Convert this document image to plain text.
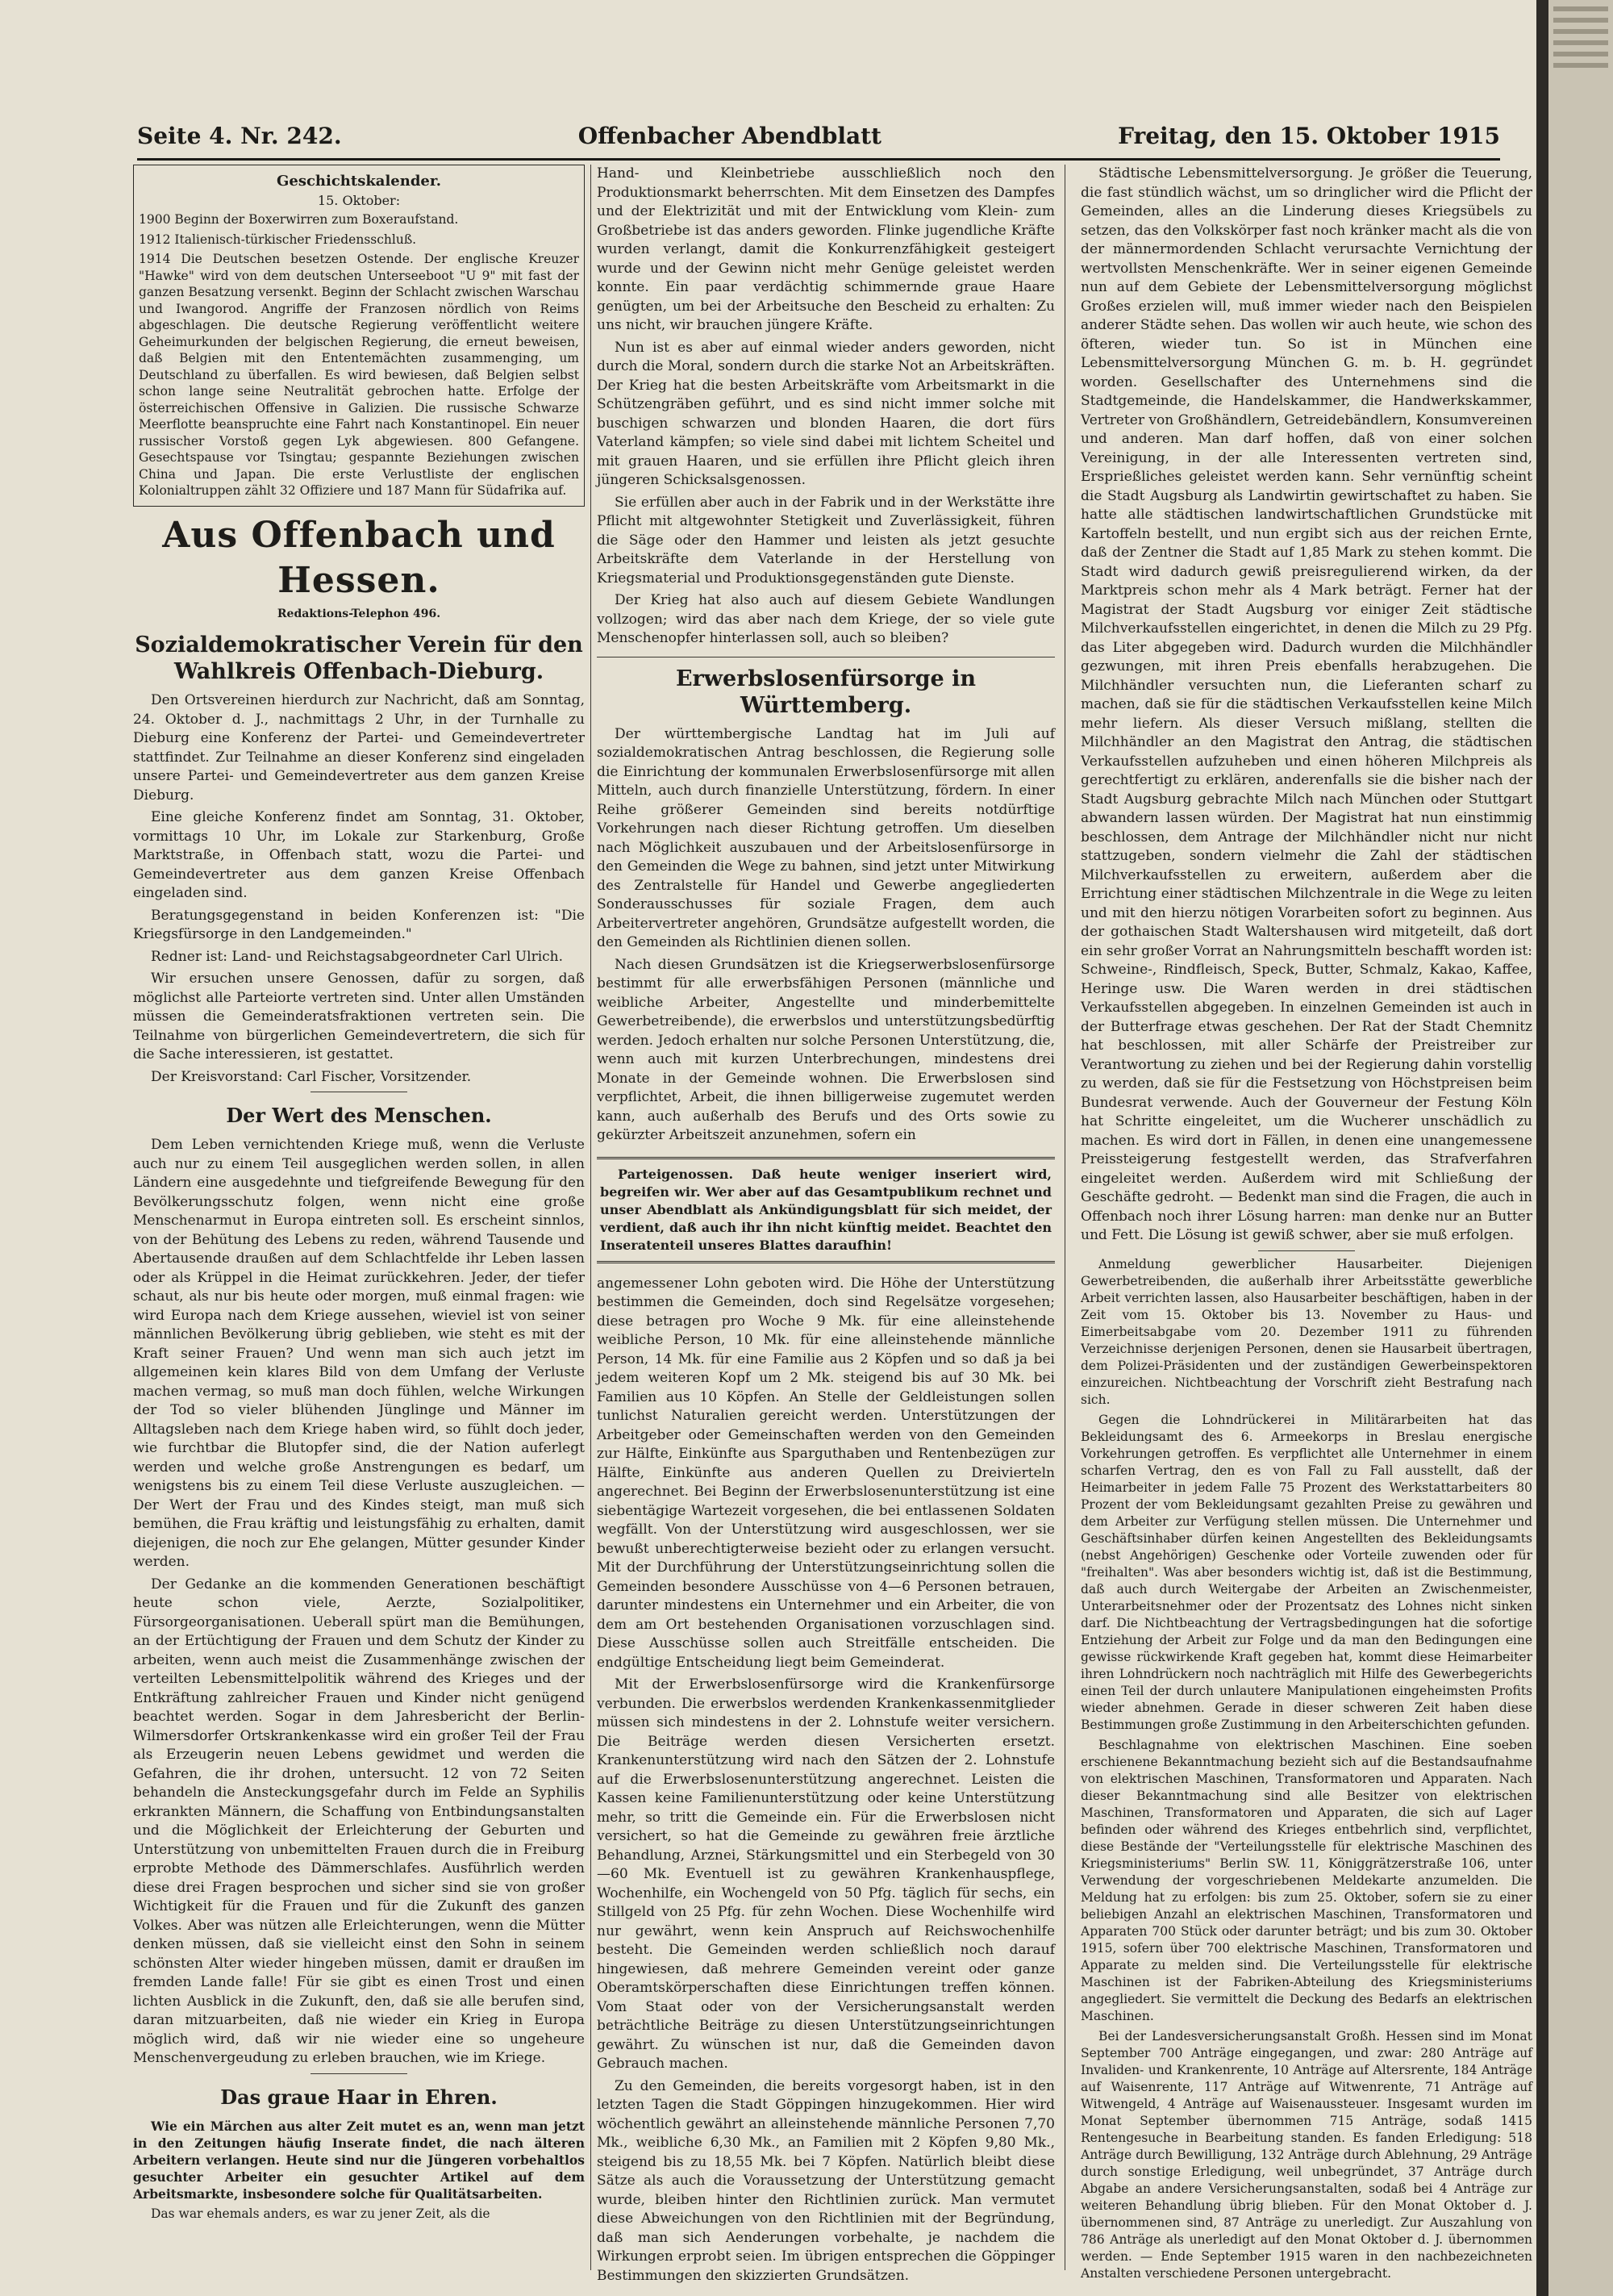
Seite 4. Nr. 242.	Offenbacher Abendblatt	Freitag, den 15. Oktober 1915
Geschichtskalender.
15. Oktober:

1900 Beginn der Boxerwirren zum Boxeraufstand.

1912 Italienisch-türkischer Friedensschluß.

1914 Die Deutschen besetzen Ostende. Der englische Kreuzer "Hawke" wird von dem deutschen Unterseeboot "U 9" mit fast der ganzen Besatzung versenkt. Beginn der Schlacht zwischen Warschau und Iwangorod. Angriffe der Franzosen nördlich von Reims abgeschlagen. Die deutsche Regierung veröffentlicht weitere Geheimurkunden der belgischen Regierung, die erneut beweisen, daß Belgien mit den Ententemächten zusammenging, um Deutschland zu überfallen. Es wird bewiesen, daß Belgien selbst schon lange seine Neutralität gebrochen hatte. Erfolge der österreichischen Offensive in Galizien. Die russische Schwarze Meerflotte beanspruchte eine Fahrt nach Konstantinopel. Ein neuer russischer Vorstoß gegen Lyk abgewiesen. 800 Gefangene. Gesechtspause vor Tsingtau; gespannte Beziehungen zwischen China und Japan. Die erste Verlustliste der englischen Kolonialtruppen zählt 32 Offiziere und 187 Mann für Südafrika auf.

Aus Offenbach und Hessen.
Redaktions-Telephon 496.
Sozialdemokratischer Verein für den Wahlkreis Offenbach-Dieburg.

Den Ortsvereinen hierdurch zur Nachricht, daß am Sonntag, 24. Oktober d. J., nachmittags 2 Uhr, in der Turnhalle zu Dieburg eine Konferenz der Partei- und Gemeindevertreter stattfindet. Zur Teilnahme an dieser Konferenz sind eingeladen unsere Partei- und Gemeindevertreter aus dem ganzen Kreise Dieburg.

Eine gleiche Konferenz findet am Sonntag, 31. Oktober, vormittags 10 Uhr, im Lokale zur Starkenburg, Große Marktstraße, in Offenbach statt, wozu die Partei- und Gemeindevertreter aus dem ganzen Kreise Offenbach eingeladen sind.

Beratungsgegenstand in beiden Konferenzen ist: "Die Kriegsfürsorge in den Landgemeinden."

Redner ist: Land- und Reichstagsabgeordneter Carl Ulrich.

Wir ersuchen unsere Genossen, dafür zu sorgen, daß möglichst alle Parteiorte vertreten sind. Unter allen Umständen müssen die Gemeinderatsfraktionen vertreten sein. Die Teilnahme von bürgerlichen Gemeindevertretern, die sich für die Sache interessieren, ist gestattet.

Der Kreisvorstand: Carl Fischer, Vorsitzender.

Der Wert des Menschen.

Dem Leben vernichtenden Kriege muß, wenn die Verluste auch nur zu einem Teil ausgeglichen werden sollen, in allen Ländern eine ausgedehnte und tiefgreifende Bewegung für den Bevölkerungsschutz folgen, wenn nicht eine große Menschenarmut in Europa eintreten soll. Es erscheint sinnlos, von der Behütung des Lebens zu reden, während Tausende und Abertausende draußen auf dem Schlachtfelde ihr Leben lassen oder als Krüppel in die Heimat zurückkehren. Jeder, der tiefer schaut, als nur bis heute oder morgen, muß einmal fragen: wie wird Europa nach dem Kriege aussehen, wieviel ist von seiner männlichen Bevölkerung übrig geblieben, wie steht es mit der Kraft seiner Frauen? Und wenn man sich auch jetzt im allgemeinen kein klares Bild von dem Umfang der Verluste machen vermag, so muß man doch fühlen, welche Wirkungen der Tod so vieler blühenden Jünglinge und Männer im Alltagsleben nach dem Kriege haben wird, so fühlt doch jeder, wie furchtbar die Blutopfer sind, die der Nation auferlegt werden und welche große Anstrengungen es bedarf, um wenigstens bis zu einem Teil diese Verluste auszugleichen. — Der Wert der Frau und des Kindes steigt, man muß sich bemühen, die Frau kräftig und leistungsfähig zu erhalten, damit diejenigen, die noch zur Ehe gelangen, Mütter gesunder Kinder werden.

Der Gedanke an die kommenden Generationen beschäftigt heute schon viele, Aerzte, Sozialpolitiker, Fürsorgeorganisationen. Ueberall spürt man die Bemühungen, an der Ertüchtigung der Frauen und dem Schutz der Kinder zu arbeiten, wenn auch meist die Zusammenhänge zwischen der verteilten Lebensmittelpolitik während des Krieges und der Entkräftung zahlreicher Frauen und Kinder nicht genügend beachtet werden. Sogar in dem Jahresbericht der Berlin-Wilmersdorfer Ortskrankenkasse wird ein großer Teil der Frau als Erzeugerin neuen Lebens gewidmet und werden die Gefahren, die ihr drohen, untersucht. 12 von 72 Seiten behandeln die Ansteckungsgefahr durch im Felde an Syphilis erkrankten Männern, die Schaffung von Entbindungsanstalten und die Möglichkeit der Erleichterung der Geburten und Unterstützung von unbemittelten Frauen durch die in Freiburg erprobte Methode des Dämmerschlafes. Ausführlich werden diese drei Fragen besprochen und sicher sind sie von großer Wichtigkeit für die Frauen und für die Zukunft des ganzen Volkes. Aber was nützen alle Erleichterungen, wenn die Mütter denken müssen, daß sie vielleicht einst den Sohn in seinem schönsten Alter wieder hingeben müssen, damit er draußen im fremden Lande falle! Für sie gibt es einen Trost und einen lichten Ausblick in die Zukunft, den, daß sie alle berufen sind, daran mitzuarbeiten, daß nie wieder ein Krieg in Europa möglich wird, daß wir nie wieder eine so ungeheure Menschenvergeudung zu erleben brauchen, wie im Kriege.

Das graue Haar in Ehren.

Wie ein Märchen aus alter Zeit mutet es an, wenn man jetzt in den Zeitungen häufig Inserate findet, die nach älteren Arbeitern verlangen. Heute sind nur die Jüngeren vorbehaltlos gesuchter Arbeiter ein gesuchter Artikel auf dem Arbeitsmarkte, insbesondere solche für Qualitätsarbeiten.

Das war ehemals anders, es war zu jener Zeit, als die

Hand- und Kleinbetriebe ausschließlich noch den Produktionsmarkt beherrschten. Mit dem Einsetzen des Dampfes und der Elektrizität und mit der Entwicklung vom Klein- zum Großbetriebe ist das anders geworden. Flinke jugendliche Kräfte wurden verlangt, damit die Konkurrenzfähigkeit gesteigert wurde und der Gewinn nicht mehr Genüge geleistet werden konnte. Ein paar verdächtig schimmernde graue Haare genügten, um bei der Arbeitsuche den Bescheid zu erhalten: Zu uns nicht, wir brauchen jüngere Kräfte.

Nun ist es aber auf einmal wieder anders geworden, nicht durch die Moral, sondern durch die starke Not an Arbeitskräften. Der Krieg hat die besten Arbeitskräfte vom Arbeitsmarkt in die Schützengräben geführt, und es sind nicht immer solche mit buschigen schwarzen und blonden Haaren, die dort fürs Vaterland kämpfen; so viele sind dabei mit lichtem Scheitel und mit grauen Haaren, und sie erfüllen ihre Pflicht gleich ihren jüngeren Schicksalsgenossen.

Sie erfüllen aber auch in der Fabrik und in der Werkstätte ihre Pflicht mit altgewohnter Stetigkeit und Zuverlässigkeit, führen die Säge oder den Hammer und leisten als jetzt gesuchte Arbeitskräfte dem Vaterlande in der Herstellung von Kriegsmaterial und Produktionsgegenständen gute Dienste.

Der Krieg hat also auch auf diesem Gebiete Wandlungen vollzogen; wird das aber nach dem Kriege, der so viele gute Menschenopfer hinterlassen soll, auch so bleiben?

Erwerbslosenfürsorge in Württemberg.

Der württembergische Landtag hat im Juli auf sozialdemokratischen Antrag beschlossen, die Regierung solle die Einrichtung der kommunalen Erwerbslosenfürsorge mit allen Mitteln, auch durch finanzielle Unterstützung, fördern. In einer Reihe größerer Gemeinden sind bereits notdürftige Vorkehrungen nach dieser Richtung getroffen. Um dieselben nach Möglichkeit auszubauen und der Arbeitslosenfürsorge in den Gemeinden die Wege zu bahnen, sind jetzt unter Mitwirkung des Zentralstelle für Handel und Gewerbe angegliederten Sonderausschusses für soziale Fragen, dem auch Arbeitervertreter angehören, Grundsätze aufgestellt worden, die den Gemeinden als Richtlinien dienen sollen.

Nach diesen Grundsätzen ist die Kriegserwerbslosenfürsorge bestimmt für alle erwerbsfähigen Personen (männliche und weibliche Arbeiter, Angestellte und minderbemittelte Gewerbetreibende), die erwerbslos und unterstützungsbedürftig werden. Jedoch erhalten nur solche Personen Unterstützung, die, wenn auch mit kurzen Unterbrechungen, mindestens drei Monate in der Gemeinde wohnen. Die Erwerbslosen sind verpflichtet, Arbeit, die ihnen billigerweise zugemutet werden kann, auch außerhalb des Berufs und des Orts sowie zu gekürzter Arbeitszeit anzunehmen, sofern ein

Parteigenossen. Daß heute weniger inseriert wird, begreifen wir. Wer aber auf das Gesamtpublikum rechnet und unser Abendblatt als Ankündigungsblatt für sich meidet, der verdient, daß auch ihr ihn nicht künftig meidet. Beachtet den Inseratenteil unseres Blattes daraufhin!

angemessener Lohn geboten wird. Die Höhe der Unterstützung bestimmen die Gemeinden, doch sind Regelsätze vorgesehen; diese betragen pro Woche 9 Mk. für eine alleinstehende weibliche Person, 10 Mk. für eine alleinstehende männliche Person, 14 Mk. für eine Familie aus 2 Köpfen und so daß ja bei jedem weiteren Kopf um 2 Mk. steigend bis auf 30 Mk. bei Familien aus 10 Köpfen. An Stelle der Geldleistungen sollen tunlichst Naturalien gereicht werden. Unterstützungen der Arbeitgeber oder Gemeinschaften werden von den Gemeinden zur Hälfte, Einkünfte aus Sparguthaben und Rentenbezügen zur Hälfte, Einkünfte aus anderen Quellen zu Dreivierteln angerechnet. Bei Beginn der Erwerbslosenunterstützung ist eine siebentägige Wartezeit vorgesehen, die bei entlassenen Soldaten wegfällt. Von der Unterstützung wird ausgeschlossen, wer sie bewußt unberechtigterweise bezieht oder zu erlangen versucht. Mit der Durchführung der Unterstützungseinrichtung sollen die Gemeinden besondere Ausschüsse von 4—6 Personen betrauen, darunter mindestens ein Unternehmer und ein Arbeiter, die von dem am Ort bestehenden Organisationen vorzuschlagen sind. Diese Ausschüsse sollen auch Streitfälle entscheiden. Die endgültige Entscheidung liegt beim Gemeinderat.

Mit der Erwerbslosenfürsorge wird die Krankenfürsorge verbunden. Die erwerbslos werdenden Krankenkassenmitglieder müssen sich mindestens in der 2. Lohnstufe weiter versichern. Die Beiträge werden diesen Versicherten ersetzt. Krankenunterstützung wird nach den Sätzen der 2. Lohnstufe auf die Erwerbslosenunterstützung angerechnet. Leisten die Kassen keine Familienunterstützung oder keine Unterstützung mehr, so tritt die Gemeinde ein. Für die Erwerbslosen nicht versichert, so hat die Gemeinde zu gewähren freie ärztliche Behandlung, Arznei, Stärkungsmittel und ein Sterbegeld von 30—60 Mk. Eventuell ist zu gewähren Krankenhauspflege, Wochenhilfe, ein Wochengeld von 50 Pfg. täglich für sechs, ein Stillgeld von 25 Pfg. für zehn Wochen. Diese Wochenhilfe wird nur gewährt, wenn kein Anspruch auf Reichswochenhilfe besteht. Die Gemeinden werden schließlich noch darauf hingewiesen, daß mehrere Gemeinden vereint oder ganze Oberamtskörperschaften diese Einrichtungen treffen können. Vom Staat oder von der Versicherungsanstalt werden beträchtliche Beiträge zu diesen Unterstützungseinrichtungen gewährt. Zu wünschen ist nur, daß die Gemeinden davon Gebrauch machen.

Zu den Gemeinden, die bereits vorgesorgt haben, ist in den letzten Tagen die Stadt Göppingen hinzugekommen. Hier wird wöchentlich gewährt an alleinstehende männliche Personen 7,70 Mk., weibliche 6,30 Mk., an Familien mit 2 Köpfen 9,80 Mk., steigend bis zu 18,55 Mk. bei 7 Köpfen. Natürlich bleibt diese Sätze als auch die Voraussetzung der Unterstützung gemacht wurde, bleiben hinter den Richtlinien zurück. Man vermutet diese Abweichungen von den Richtlinien mit der Begründung, daß man sich Aenderungen vorbehalte, je nachdem die Wirkungen erprobt seien. Im übrigen entsprechen die Göppinger Bestimmungen den skizzierten Grundsätzen.

Städtische Lebensmittelversorgung. Je größer die Teuerung, die fast stündlich wächst, um so dringlicher wird die Pflicht der Gemeinden, alles an die Linderung dieses Kriegsübels zu setzen, das den Volkskörper fast noch kränker macht als die von der männermordenden Schlacht verursachte Vernichtung der wertvollsten Menschenkräfte. Wer in seiner eigenen Gemeinde nun auf dem Gebiete der Lebensmittelversorgung möglichst Großes erzielen will, muß immer wieder nach den Beispielen anderer Städte sehen. Das wollen wir auch heute, wie schon des öfteren, wieder tun. So ist in München eine Lebensmittelversorgung München G. m. b. H. gegründet worden. Gesellschafter des Unternehmens sind die Stadtgemeinde, die Handelskammer, die Handwerkskammer, Vertreter von Großhändlern, Getreidebändlern, Konsumvereinen und anderen. Man darf hoffen, daß von einer solchen Vereinigung, in der alle Interessenten vertreten sind, Ersprießliches geleistet werden kann. Sehr vernünftig scheint die Stadt Augsburg als Landwirtin gewirtschaftet zu haben. Sie hatte alle städtischen landwirtschaftlichen Grundstücke mit Kartoffeln bestellt, und nun ergibt sich aus der reichen Ernte, daß der Zentner die Stadt auf 1,85 Mark zu stehen kommt. Die Stadt wird dadurch gewiß preisregulierend wirken, da der Marktpreis schon mehr als 4 Mark beträgt. Ferner hat der Magistrat der Stadt Augsburg vor einiger Zeit städtische Milchverkaufsstellen eingerichtet, in denen die Milch zu 29 Pfg. das Liter abgegeben wird. Dadurch wurden die Milchhändler gezwungen, mit ihren Preis ebenfalls herabzugehen. Die Milchhändler versuchten nun, die Lieferanten scharf zu machen, daß sie für die städtischen Verkaufsstellen keine Milch mehr liefern. Als dieser Versuch mißlang, stellten die Milchhändler an den Magistrat den Antrag, die städtischen Verkaufsstellen aufzuheben und einen höheren Milchpreis als gerechtfertigt zu erklären, anderenfalls sie die bisher nach der Stadt Augsburg gebrachte Milch nach München oder Stuttgart abwandern lassen würden. Der Magistrat hat nun einstimmig beschlossen, dem Antrage der Milchhändler nicht nur nicht stattzugeben, sondern vielmehr die Zahl der städtischen Milchverkaufsstellen zu erweitern, außerdem aber die Errichtung einer städtischen Milchzentrale in die Wege zu leiten und mit den hierzu nötigen Vorarbeiten sofort zu beginnen. Aus der gothaischen Stadt Waltershausen wird mitgeteilt, daß dort ein sehr großer Vorrat an Nahrungsmitteln beschafft worden ist: Schweine-, Rindfleisch, Speck, Butter, Schmalz, Kakao, Kaffee, Heringe usw. Die Waren werden in drei städtischen Verkaufsstellen abgegeben. In einzelnen Gemeinden ist auch in der Butterfrage etwas geschehen. Der Rat der Stadt Chemnitz hat beschlossen, mit aller Schärfe der Preistreiber zur Verantwortung zu ziehen und bei der Regierung dahin vorstellig zu werden, daß sie für die Festsetzung von Höchstpreisen beim Bundesrat verwende. Auch der Gouverneur der Festung Köln hat Schritte eingeleitet, um die Wucherer unschädlich zu machen. Es wird dort in Fällen, in denen eine unangemessene Preissteigerung festgestellt werden, das Strafverfahren eingeleitet werden. Außerdem wird mit Schließung der Geschäfte gedroht. — Bedenkt man sind die Fragen, die auch in Offenbach noch ihrer Lösung harren: man denke nur an Butter und Fett. Die Lösung ist gewiß schwer, aber sie muß erfolgen.

Anmeldung gewerblicher Hausarbeiter. Diejenigen Gewerbetreibenden, die außerhalb ihrer Arbeitsstätte gewerbliche Arbeit verrichten lassen, also Hausarbeiter beschäftigen, haben in der Zeit vom 15. Oktober bis 13. November zu Haus- und Eimerbeitsabgabe vom 20. Dezember 1911 zu führenden Verzeichnisse derjenigen Personen, denen sie Hausarbeit übertragen, dem Polizei-Präsidenten und der zuständigen Gewerbeinspektoren einzureichen. Nichtbeachtung der Vorschrift zieht Bestrafung nach sich.

Gegen die Lohndrückerei in Militärarbeiten hat das Bekleidungsamt des 6. Armeekorps in Breslau energische Vorkehrungen getroffen. Es verpflichtet alle Unternehmer in einem scharfen Vertrag, den es von Fall zu Fall ausstellt, daß der Heimarbeiter in jedem Falle 75 Prozent des Werkstattarbeiters 80 Prozent der vom Bekleidungsamt gezahlten Preise zu gewähren und dem Arbeiter zur Verfügung stellen müssen. Die Unternehmer und Geschäftsinhaber dürfen keinen Angestellten des Bekleidungsamts (nebst Angehörigen) Geschenke oder Vorteile zuwenden oder für "freihalten". Was aber besonders wichtig ist, daß ist die Bestimmung, daß auch durch Weitergabe der Arbeiten an Zwischenmeister, Unterarbeitsnehmer oder der Prozentsatz des Lohnes nicht sinken darf. Die Nichtbeachtung der Vertragsbedingungen hat die sofortige Entziehung der Arbeit zur Folge und da man den Bedingungen eine gewisse rückwirkende Kraft gegeben hat, kommt diese Heimarbeiter ihren Lohndrückern noch nachträglich mit Hilfe des Gewerbegerichts einen Teil der durch unlautere Manipulationen eingeheimsten Profits wieder abnehmen. Gerade in dieser schweren Zeit haben diese Bestimmungen große Zustimmung in den Arbeiterschichten gefunden.

Beschlagnahme von elektrischen Maschinen. Eine soeben erschienene Bekanntmachung bezieht sich auf die Bestandsaufnahme von elektrischen Maschinen, Transformatoren und Apparaten. Nach dieser Bekanntmachung sind alle Besitzer von elektrischen Maschinen, Transformatoren und Apparaten, die sich auf Lager befinden oder während des Krieges entbehrlich sind, verpflichtet, diese Bestände der "Verteilungsstelle für elektrische Maschinen des Kriegsministeriums" Berlin SW. 11, Königgrätzerstraße 106, unter Verwendung der vorgeschriebenen Meldekarte anzumelden. Die Meldung hat zu erfolgen: bis zum 25. Oktober, sofern sie zu einer beliebigen Anzahl an elektrischen Maschinen, Transformatoren und Apparaten 700 Stück oder darunter beträgt; und bis zum 30. Oktober 1915, sofern über 700 elektrische Maschinen, Transformatoren und Apparate zu melden sind. Die Verteilungsstelle für elektrische Maschinen ist der Fabriken-Abteilung des Kriegsministeriums angegliedert. Sie vermittelt die Deckung des Bedarfs an elektrischen Maschinen.

Bei der Landesversicherungsanstalt Großh. Hessen sind im Monat September 700 Anträge eingegangen, und zwar: 280 Anträge auf Invaliden- und Krankenrente, 10 Anträge auf Altersrente, 184 Anträge auf Waisenrente, 117 Anträge auf Witwenrente, 71 Anträge auf Witwengeld, 4 Anträge auf Waisenaussteuer. Insgesamt wurden im Monat September übernommen 715 Anträge, sodaß 1415 Rentengesuche in Bearbeitung standen. Es fanden Erledigung: 518 Anträge durch Bewilligung, 132 Anträge durch Ablehnung, 29 Anträge durch sonstige Erledigung, weil unbegründet, 37 Anträge durch Abgabe an andere Versicherungsanstalten, sodaß bei 4 Anträge zur weiteren Behandlung übrig blieben. Für den Monat Oktober d. J. übernommenen sind, 87 Anträge zu unerledigt. Zur Auszahlung von 786 Anträge als unerledigt auf den Monat Oktober d. J. übernommen werden. — Ende September 1915 waren in den nachbezeichneten Anstalten verschiedene Personen untergebracht.
